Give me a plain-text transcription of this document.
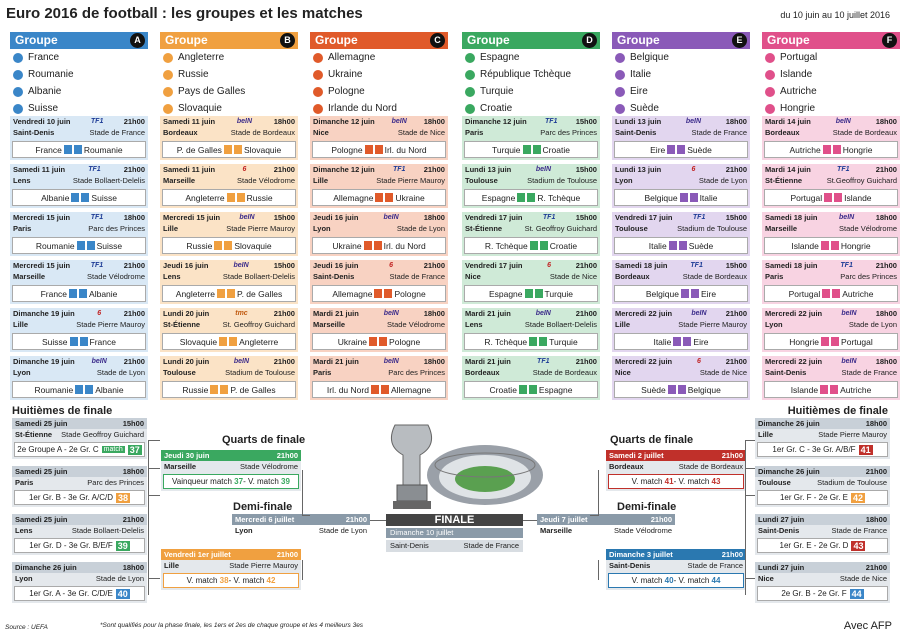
Euro 2016 de football : les groupes et les matches	du 10 juin au 10 juillet 2016
Groupe	A
France
Roumanie
Albanie
Suisse
Vendredi 10 juin	TF1	21h00
Saint-Denis	Stade de France
France	Roumanie
Samedi 11 juin	TF1	21h00
Lens	Stade Bollaert-Delelis
Albanie	Suisse
Mercredi 15 juin	TF1	18h00
Paris	Parc des Princes
Roumanie	Suisse
Mercredi 15 juin	TF1	21h00
Marseille	Stade Vélodrome
France	Albanie
Dimanche 19 juin	6	21h00
Lille	Stade Pierre Mauroy
Suisse	France
Dimanche 19 juin beIN 21h00
Lyon	Stade de Lyon
Roumanie	Albanie
Groupe	B
Angleterre
Russie
Pays de Galles
Slovaquie
Samedi 11 juin	beIN	18h00
Bordeaux	Stade de Bordeaux
P. de Galles	Slovaquie
Samedi 11 juin	6	21h00
Marseille	Stade Vélodrome
Angleterre	Russie
Mercredi 15 juin	beIN	15h00
Lille	Stade Pierre Mauroy
Russie	Slovaquie
Jeudi 16 juin	beIN	15h00
Lens	Stade Bollaert-Delelis
Angleterre	P. de Galles
Lundi 20 juin	tmc	21h00
St-Étienne	St. Geoffroy Guichard
Slovaquie	Angleterre
Lundi 20 juin	beIN	21h00
Toulouse	Stadium de Toulouse
Russie	P. de Galles
Groupe	C
Allemagne
Ukraine
Pologne
Irlande du Nord
Dimanche 12 juin beIN 18h00
Nice	Stade de Nice
Pologne	Irl. du Nord
Dimanche 12 juin	TF1 21h00
Lille	Stade Pierre Mauroy
Allemagne	Ukraine
Jeudi 16 juin	beIN	18h00
Lyon	Stade de Lyon
Ukraine	Irl. du Nord
Jeudi 16 juin	6	21h00
Saint-Denis	Stade de France
Allemagne	Pologne
Mardi 21 juin	beIN	18h00
Marseille	Stade Vélodrome
Ukraine	Pologne
Mardi 21 juin	beIN	18h00
Paris	Parc des Princes
Irl. du Nord	Allemagne
Groupe	D
Espagne
République Tchèque
Turquie
Croatie
Dimanche 12 juin	TF1 15h00
Paris	Parc des Princes
Turquie	Croatie
Lundi 13 juin	beIN	15h00
Toulouse	Stadium de Toulouse
Espagne	R. Tchèque
Vendredi 17 juin	TF1	15h00
St-Étienne	St. Geoffroy Guichard
R. Tchèque	Croatie
Vendredi 17 juin	6	21h00
Nice	Stade de Nice
Espagne	Turquie
Mardi 21 juin	beIN	21h00
Lens	Stade Bollaert-Delelis
R. Tchèque	Turquie
Mardi 21 juin	TF1	21h00
Bordeaux	Stade de Bordeaux
Croatie	Espagne
Groupe	E
Belgique
Italie
Eire
Suède
Lundi 13 juin	beIN	18h00
Saint-Denis	Stade de France
Eire	Suède
Lundi 13 juin	6	21h00
Lyon	Stade de Lyon
Belgique	Italie
Vendredi 17 juin	TF1	15h00
Toulouse	Stadium de Toulouse
Italie	Suède
Samedi 18 juin	TF1	15h00
Bordeaux	Stade de Bordeaux
Belgique	Eire
Mercredi 22 juin	beIN	21h00
Lille	Stade Pierre Mauroy
Italie	Eire
Mercredi 22 juin	6	21h00
Nice	Stade de Nice
Suède	Belgique
Groupe	F
Portugal
Islande
Autriche
Hongrie
Mardi 14 juin	beIN	18h00
Bordeaux	Stade de Bordeaux
Autriche	Hongrie
Mardi 14 juin	TF1	21h00
St-Étienne	St.Geoffroy Guichard
Portugal	Islande
Samedi 18 juin	beIN	18h00
Marseille	Stade Vélodrome
Islande	Hongrie
Samedi 18 juin	TF1	21h00
Paris	Parc des Princes
Portugal	Autriche
Mercredi 22 juin	beIN	18h00
Lyon	Stade de Lyon
Hongrie	Portugal
Mercredi 22 juin	beIN	18h00
Saint-Denis	Stade de France
Islande	Autriche
Huitièmes de finale	Huitièmes de finale
Quarts de finale	Quarts de finale
Demi-finale	Demi-finale
Samedi 25 juin	15h00
St-Étienne Stade Geoffroy Guichard
2e Groupe A - 2e Gr. C match 37
Samedi 25 juin	18h00
Paris	Parc des Princes
1er Gr. B - 3e Gr. A/C/D 38
Samedi 25 juin	21h00
Lens	Stade Bollaert-Delelis
1er Gr. D - 3e Gr. B/E/F 39
Dimanche 26 juin	18h00
Lyon	Stade de Lyon
1er Gr. A - 3e Gr. C/D/E 40
Dimanche 26 juin	18h00
Lille	Stade Pierre Mauroy
1er Gr. C - 3e Gr. A/B/F 41
Dimanche 26 juin	21h00
Toulouse	Stadium de Toulouse
1er Gr. F - 2e Gr. E 42
Lundi 27 juin	18h00
Saint-Denis	Stade de France
1er Gr. E - 2e Gr. D 43
Lundi 27 juin	21h00
Nice	Stade de Nice
2e Gr. B - 2e Gr. F 44
Jeudi 30 juin	21h00
Marseille	Stade Vélodrome
Vainqueur match
37 - V. match
39
Vendredi 1er juillet	21h00
Lille	Stade Pierre Mauroy
V. match
38 - V. match
42
Samedi 2 juillet	21h00
Bordeaux	Stade de Bordeaux
V. match
41 - V. match
43
Dimanche 3 juillet	21h00
Saint-Denis	Stade de France
V. match
40 - V. match
44
Mercredi 6 juillet	21h00
Lyon	Stade de Lyon
Jeudi 7 juillet	21h00
Marseille	Stade Vélodrome
FINALE
Dimanche 10 juillet
Saint-Denis	Stade de France
Source : UEFA	*Sont qualifiés pour la phase finale, les 1ers et 2es de chaque groupe et les 4 meilleurs 3es	Avec AFP
